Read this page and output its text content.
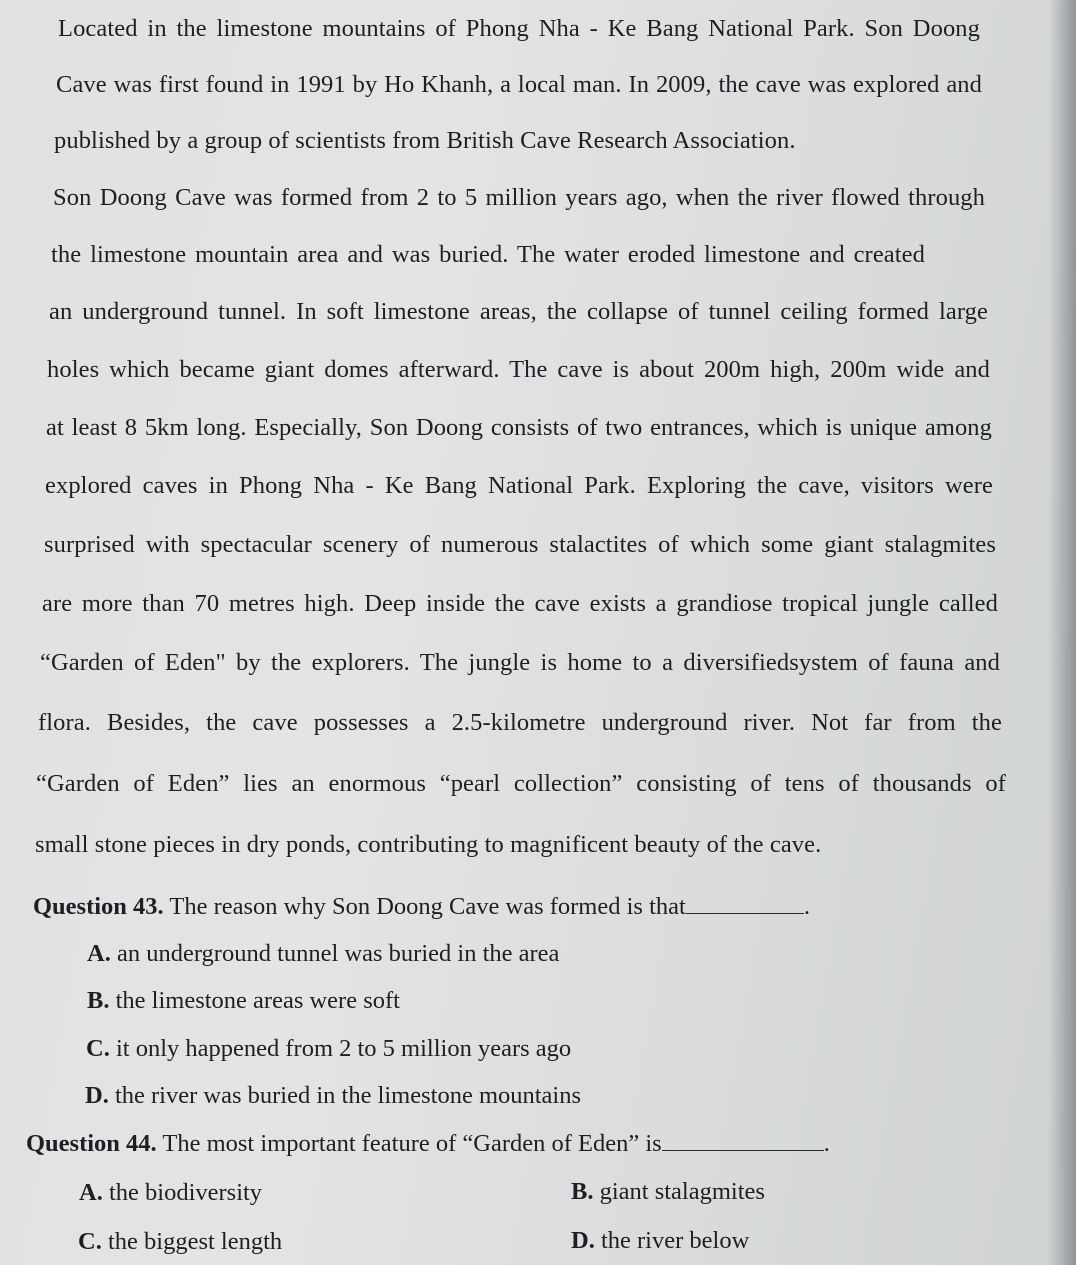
Located in the limestone mountains of Phong Nha - Ke Bang National Park. Son Doong
Cave was first found in 1991 by Ho Khanh, a local man. In 2009, the cave was explored and
published by a group of scientists from British Cave Research Association.
Son Doong Cave was formed from 2 to 5 million years ago, when the river flowed through
the limestone mountain area and was buried. The water eroded limestone and created
an underground tunnel. In soft limestone areas, the collapse of tunnel ceiling formed large
holes which became giant domes afterward. The cave is about 200m high, 200m wide and
at least 8 5km long. Especially, Son Doong consists of two entrances, which is unique among
explored caves in Phong Nha - Ke Bang National Park. Exploring the cave, visitors were
surprised with spectacular scenery of numerous stalactites of which some giant stalagmites
are more than 70 metres high. Deep inside the cave exists a grandiose tropical jungle called
“Garden of Eden" by the explorers. The jungle is home to a diversifiedsystem of fauna and
flora. Besides, the cave possesses a 2.5-kilometre underground river. Not far from the
“Garden of Eden” lies an enormous “pearl collection” consisting of tens of thousands of
small stone pieces in dry ponds, contributing to magnificent beauty of the cave.
Question 43. The reason why Son Doong Cave was formed is that	.
A. an underground tunnel was buried in the area
B. the limestone areas were soft
C. it only happened from 2 to 5 million years ago
D. the river was buried in the limestone mountains
Question 44. The most important feature of “Garden of Eden” is	.
A. the biodiversity	B. giant stalagmites
C. the biggest length	D. the river below
